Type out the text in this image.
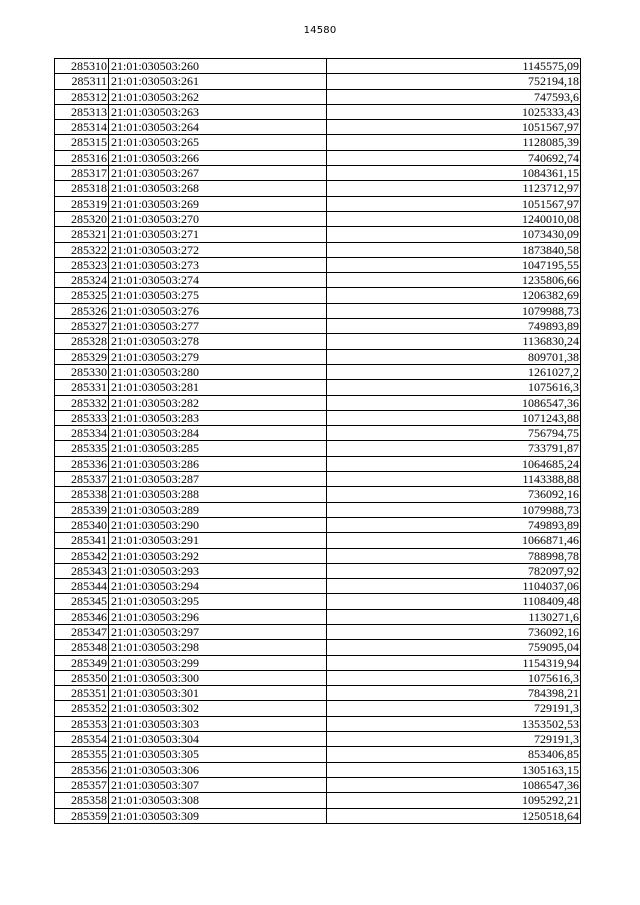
14580
285310	21:01:030503:260	1145575,09
285311	21:01:030503:261	752194,18
285312	21:01:030503:262	747593,6
285313	21:01:030503:263	1025333,43
285314	21:01:030503:264	1051567,97
285315	21:01:030503:265	1128085,39
285316	21:01:030503:266	740692,74
285317	21:01:030503:267	1084361,15
285318	21:01:030503:268	1123712,97
285319	21:01:030503:269	1051567,97
285320	21:01:030503:270	1240010,08
285321	21:01:030503:271	1073430,09
285322	21:01:030503:272	1873840,58
285323	21:01:030503:273	1047195,55
285324	21:01:030503:274	1235806,66
285325	21:01:030503:275	1206382,69
285326	21:01:030503:276	1079988,73
285327	21:01:030503:277	749893,89
285328	21:01:030503:278	1136830,24
285329	21:01:030503:279	809701,38
285330	21:01:030503:280	1261027,2
285331	21:01:030503:281	1075616,3
285332	21:01:030503:282	1086547,36
285333	21:01:030503:283	1071243,88
285334	21:01:030503:284	756794,75
285335	21:01:030503:285	733791,87
285336	21:01:030503:286	1064685,24
285337	21:01:030503:287	1143388,88
285338	21:01:030503:288	736092,16
285339	21:01:030503:289	1079988,73
285340	21:01:030503:290	749893,89
285341	21:01:030503:291	1066871,46
285342	21:01:030503:292	788998,78
285343	21:01:030503:293	782097,92
285344	21:01:030503:294	1104037,06
285345	21:01:030503:295	1108409,48
285346	21:01:030503:296	1130271,6
285347	21:01:030503:297	736092,16
285348	21:01:030503:298	759095,04
285349	21:01:030503:299	1154319,94
285350	21:01:030503:300	1075616,3
285351	21:01:030503:301	784398,21
285352	21:01:030503:302	729191,3
285353	21:01:030503:303	1353502,53
285354	21:01:030503:304	729191,3
285355	21:01:030503:305	853406,85
285356	21:01:030503:306	1305163,15
285357	21:01:030503:307	1086547,36
285358	21:01:030503:308	1095292,21
285359	21:01:030503:309	1250518,64
